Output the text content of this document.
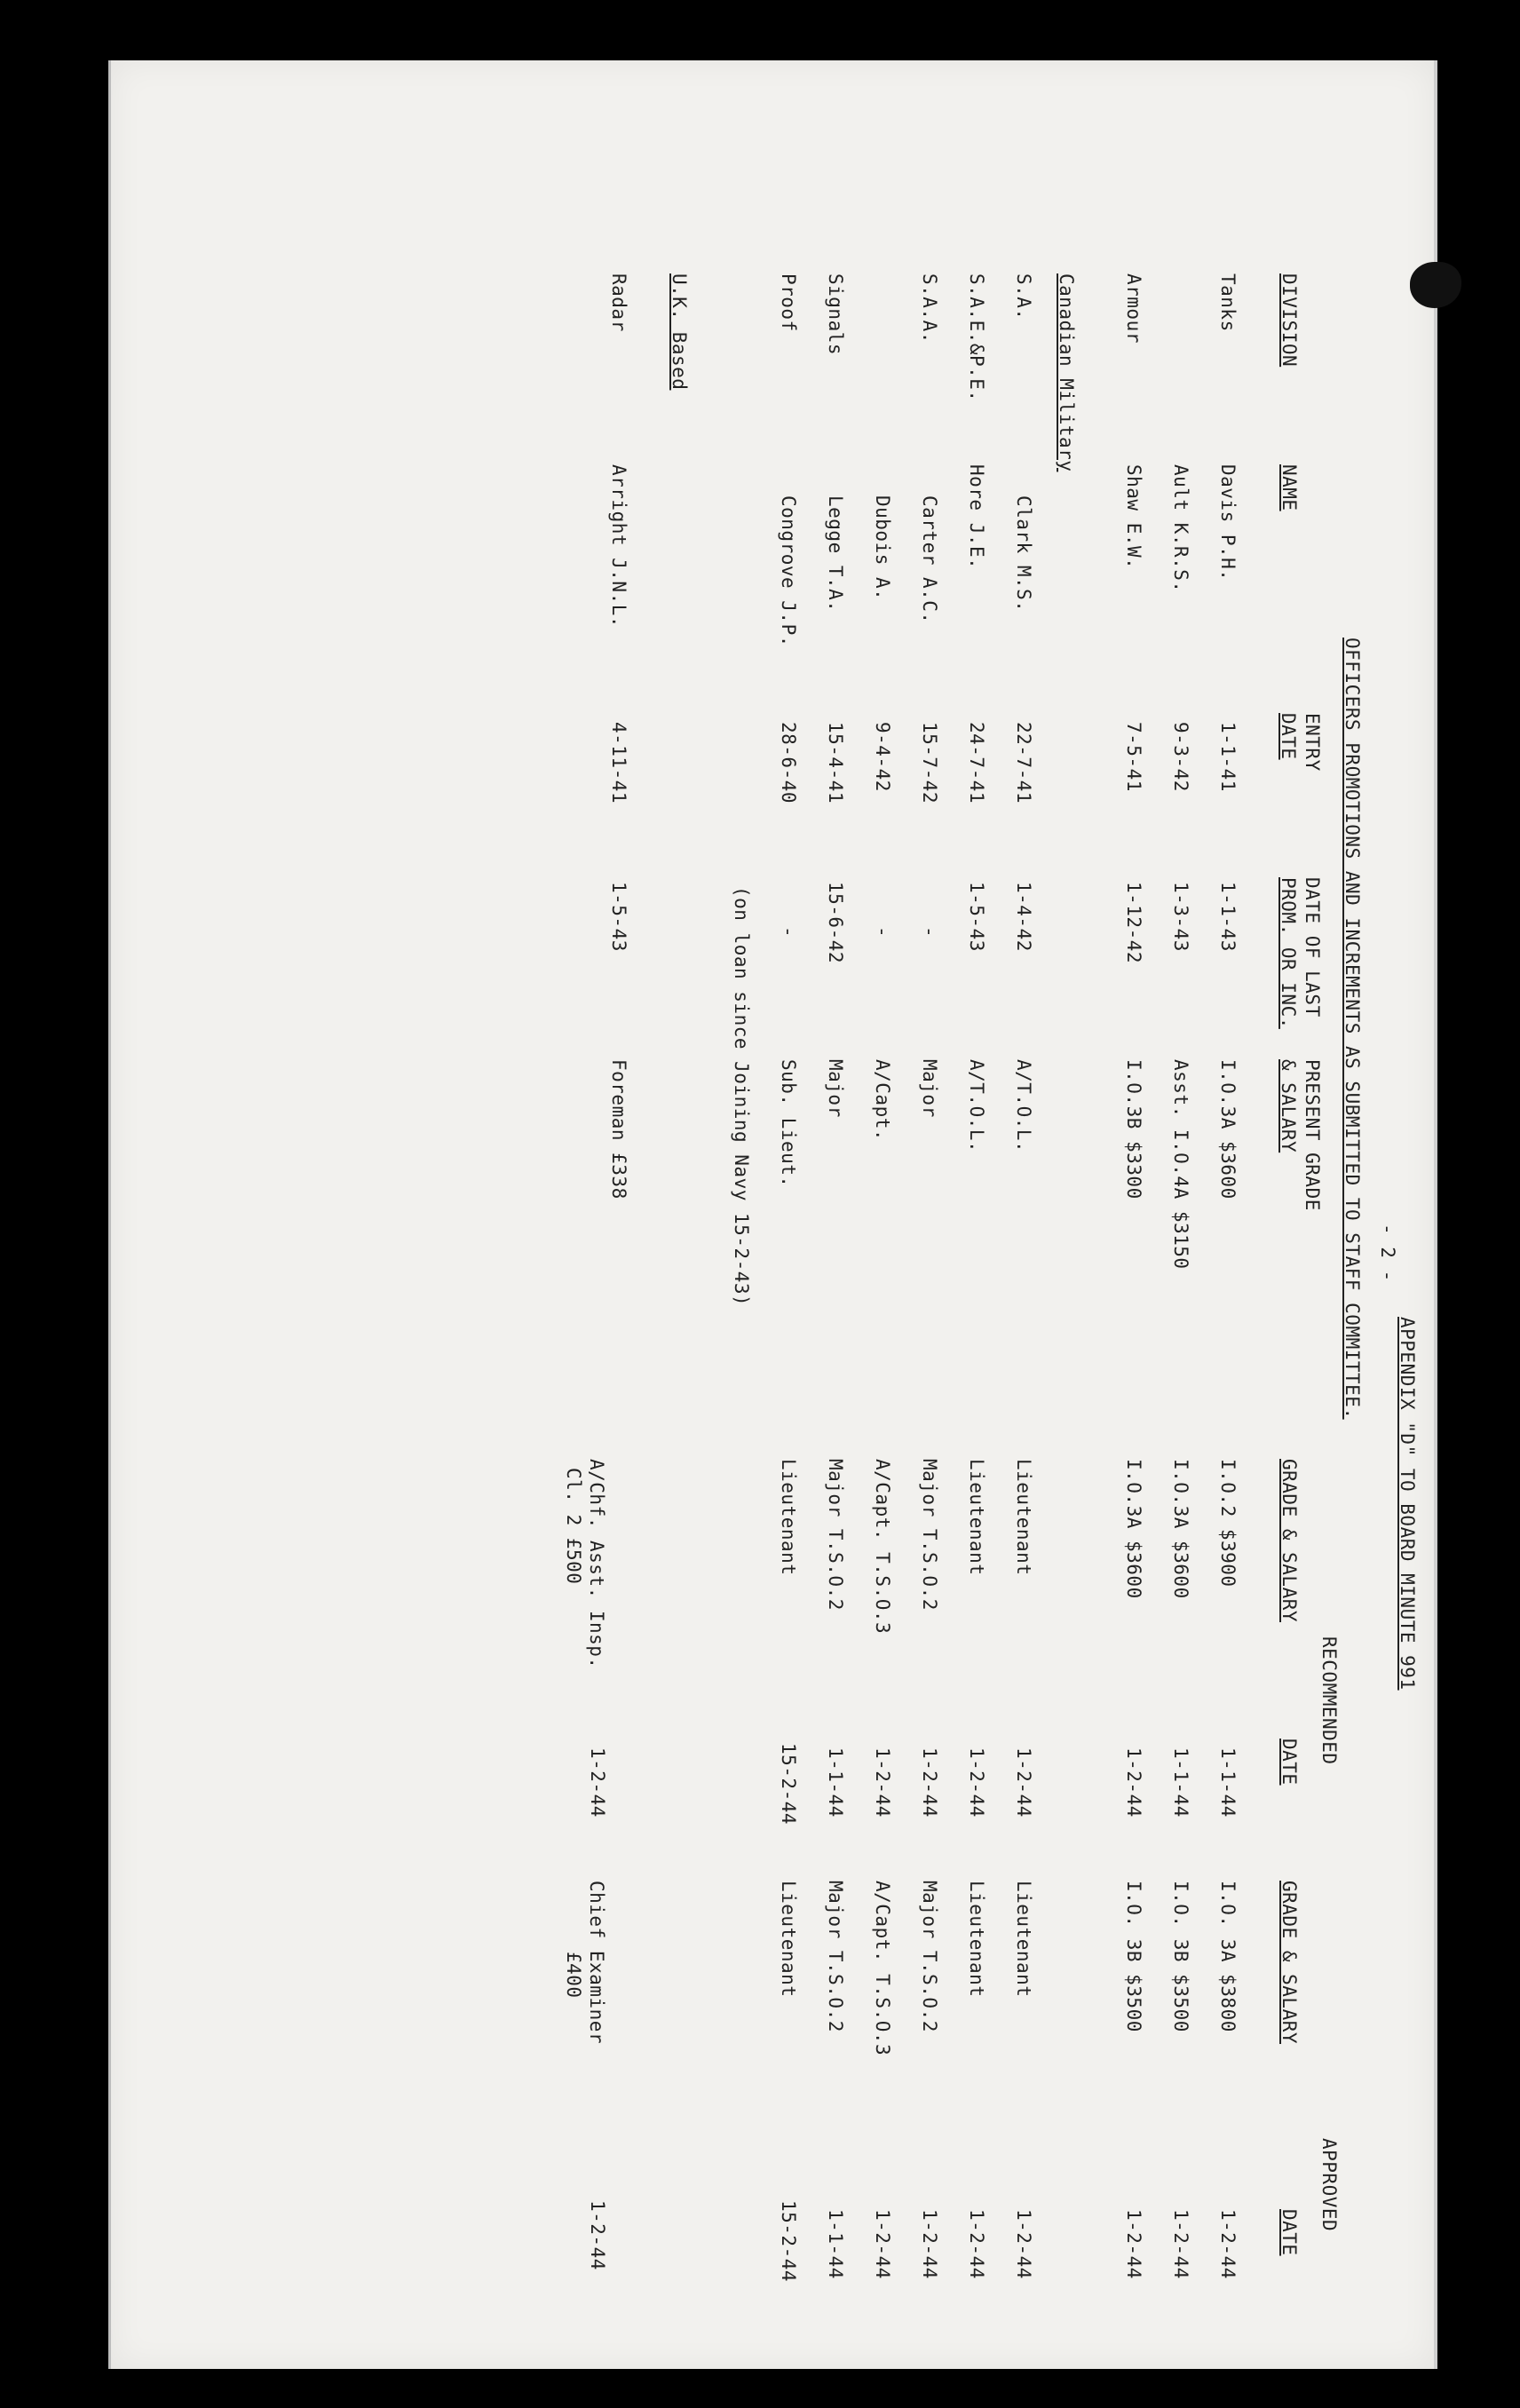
- 2 -
APPENDIX "D" TO BOARD MINUTE 991
OFFICERS PROMOTIONS AND INCREMENTS AS SUBMITTED TO STAFF COMMITTEE.
DIVISION
NAME
ENTRY
DATE
DATE OF LAST
PROM. OR INC.
PRESENT GRADE
& SALARY
RECOMMENDED
GRADE & SALARY
DATE
APPROVED
GRADE & SALARY
DATE
Tanks
Davis P.H.
1-1-41
1-1-43
I.O.3A $3600
I.O.2 $3900
1-1-44
I.O. 3A $3800
1-2-44
Ault K.R.S.
9-3-42
1-3-43
Asst. I.O.4A $3150
I.O.3A $3600
1-1-44
I.O. 3B $3500
1-2-44
Armour
Shaw E.W.
7-5-41
1-12-42
I.O.3B $3300
I.O.3A $3600
1-2-44
I.O. 3B $3500
1-2-44
Canadian Military
S.A.
Clark M.S.
22-7-41
1-4-42
A/T.O.L.
Lieutenant
1-2-44
Lieutenant
1-2-44
S.A.E.&P.E.
Hore J.E.
24-7-41
1-5-43
A/T.O.L.
Lieutenant
1-2-44
Lieutenant
1-2-44
S.A.A.
Carter A.C.
15-7-42
-
Major
Major T.S.O.2
1-2-44
Major T.S.O.2
1-2-44
Dubois A.
9-4-42
-
A/Capt.
A/Capt. T.S.O.3
1-2-44
A/Capt. T.S.O.3
1-2-44
Signals
Legge T.A.
15-4-41
15-6-42
Major
Major T.S.O.2
1-1-44
Major T.S.O.2
1-1-44
Proof
Congrove J.P.
28-6-40
-
Sub. Lieut.
Lieutenant
15-2-44
Lieutenant
15-2-44
(on loan since Joining Navy 15-2-43)
U.K. Based
Radar
Arright J.N.L.
4-11-41
1-5-43
Foreman £338
A/Chf. Asst. Insp.
Cl. 2 £500
1-2-44
Chief Examiner
£400
1-2-44
